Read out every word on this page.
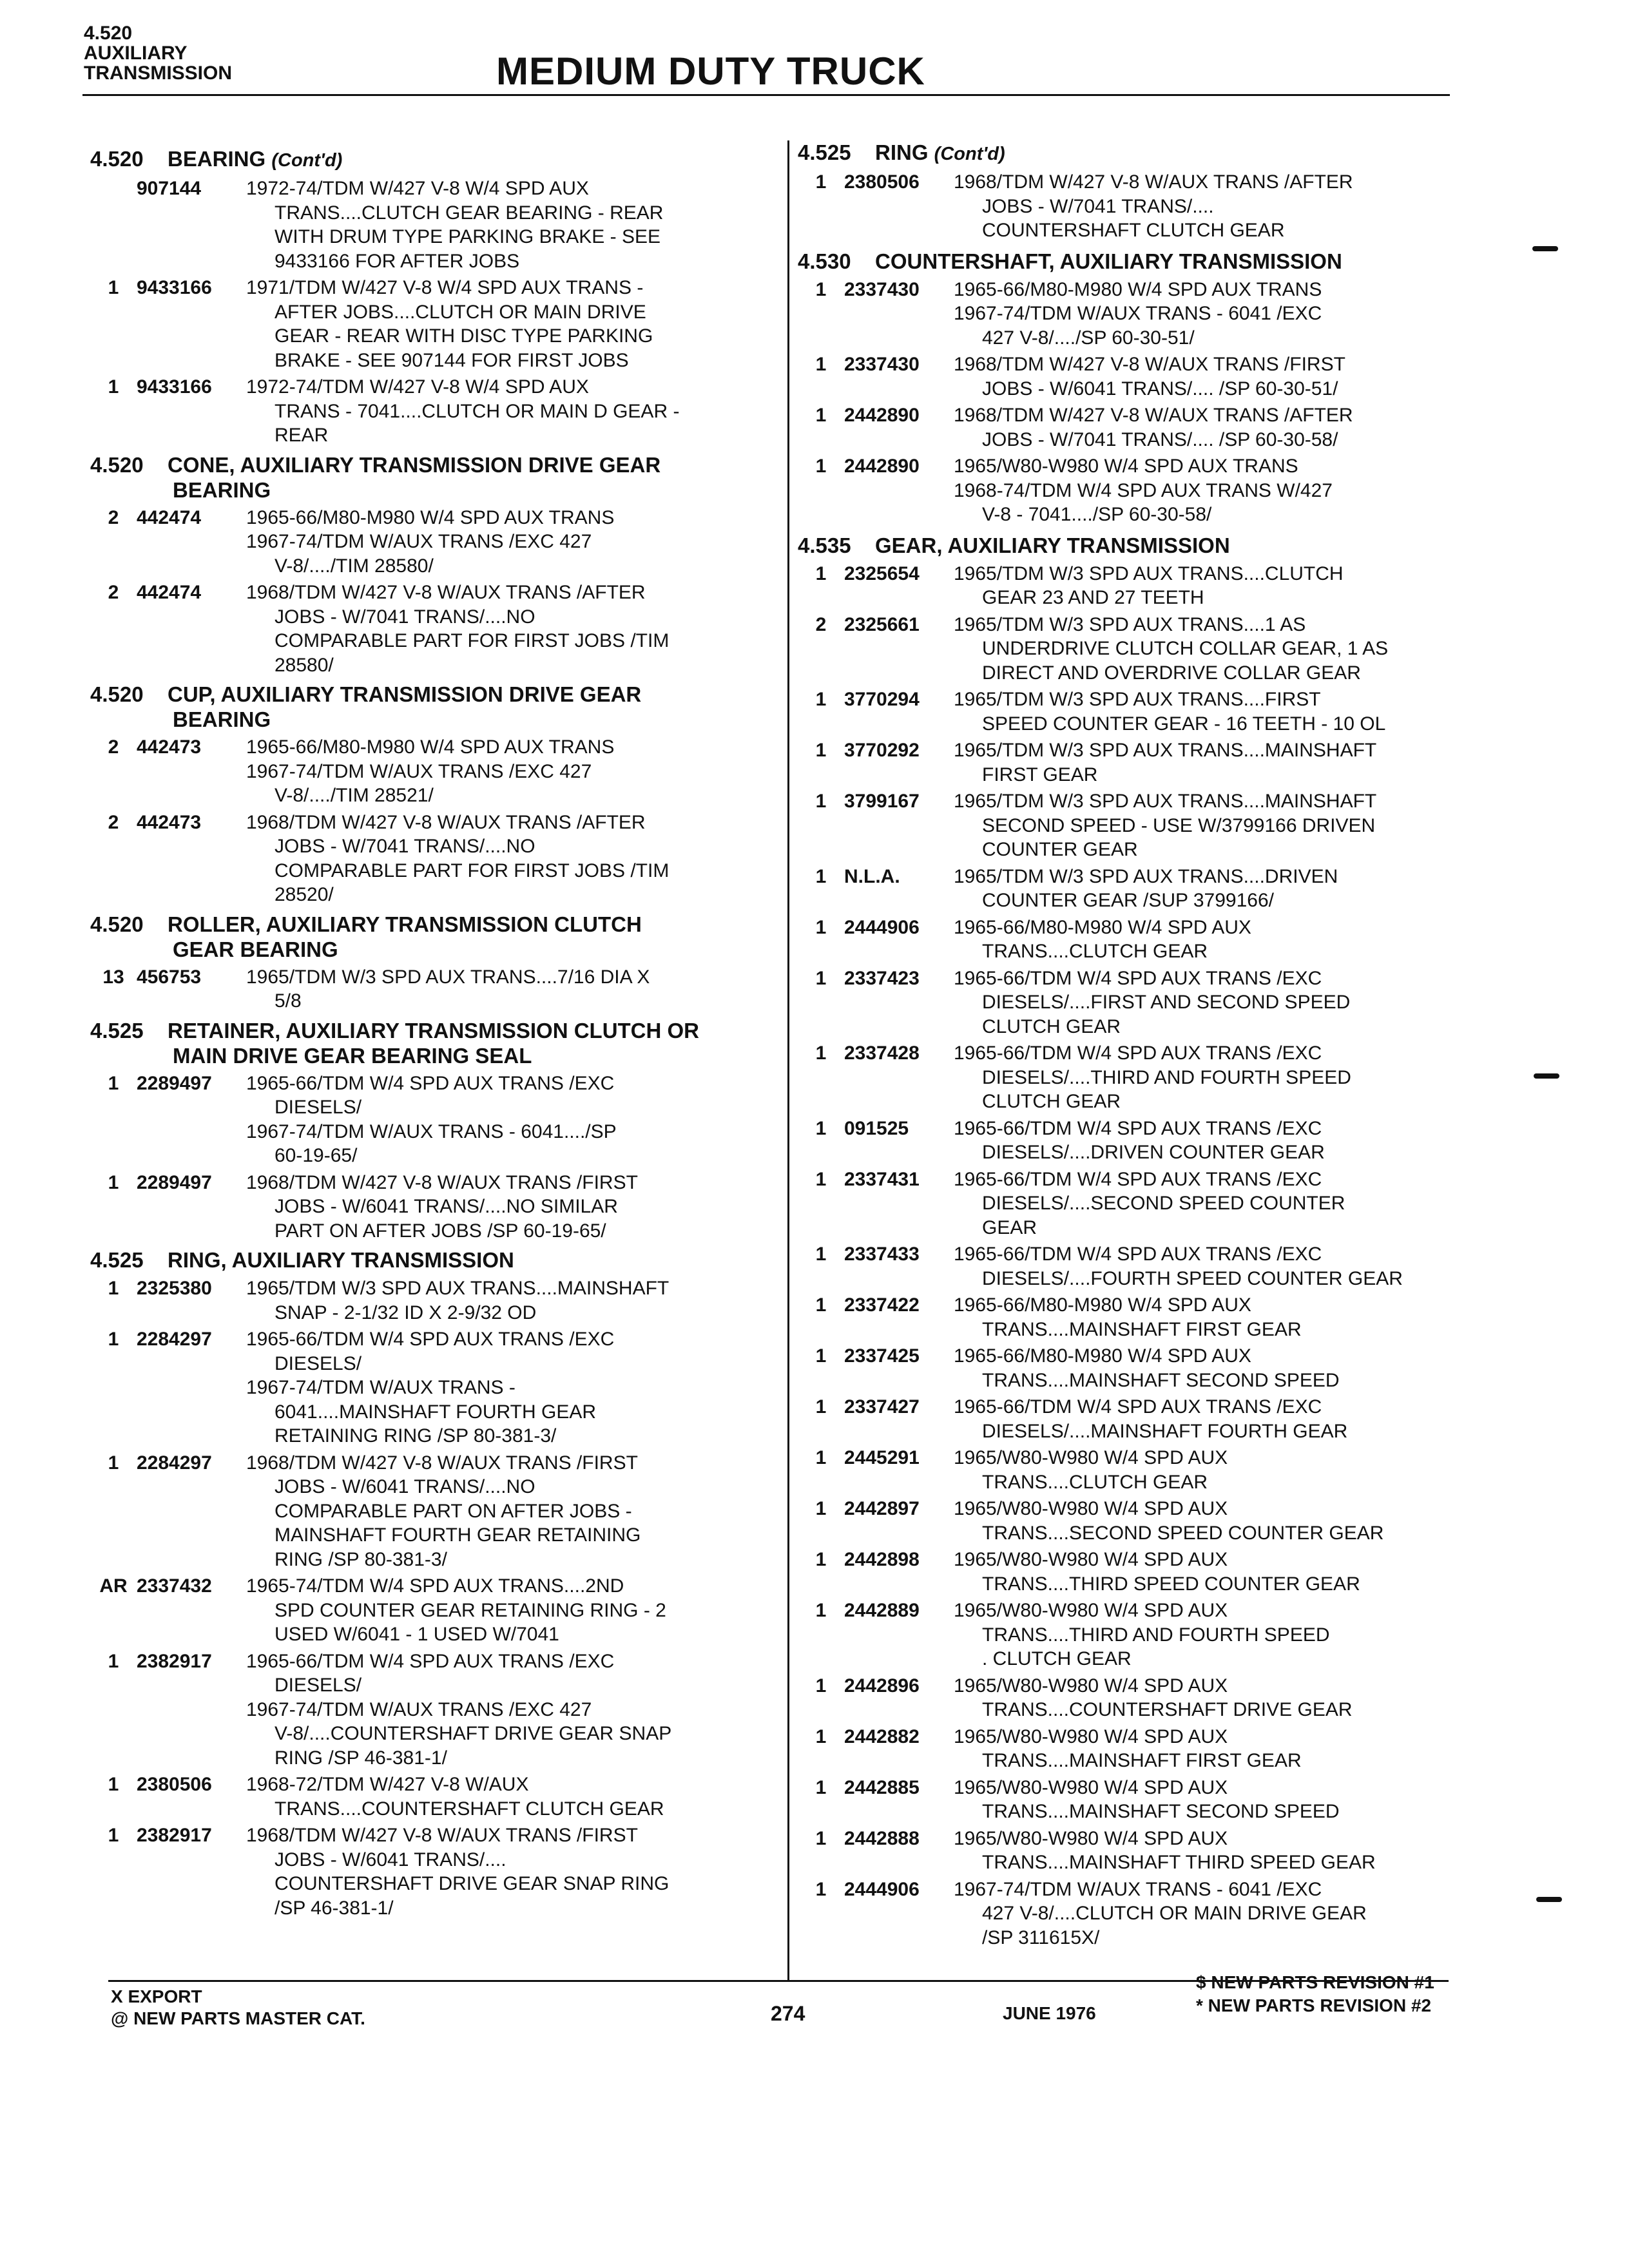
4.520
AUXILIARY
TRANSMISSION	MEDIUM DUTY TRUCK
4.520 BEARING (Cont'd)
907144	1972-74/TDM W/427 V-8 W/4 SPD AUX
TRANS....CLUTCH GEAR BEARING - REAR
WITH DRUM TYPE PARKING BRAKE - SEE
9433166 FOR AFTER JOBS
1 9433166	1971/TDM W/427 V-8 W/4 SPD AUX TRANS -
AFTER JOBS....CLUTCH OR MAIN DRIVE
GEAR - REAR WITH DISC TYPE PARKING
BRAKE - SEE 907144 FOR FIRST JOBS
1 9433166	1972-74/TDM W/427 V-8 W/4 SPD AUX
TRANS - 7041....CLUTCH OR MAIN D GEAR -
REAR
4.520 CONE, AUXILIARY TRANSMISSION DRIVE GEAR
BEARING
2 442474	1965-66/M80-M980 W/4 SPD AUX TRANS
1967-74/TDM W/AUX TRANS /EXC 427
V-8/..../TIM 28580/
2 442474	1968/TDM W/427 V-8 W/AUX TRANS /AFTER
JOBS - W/7041 TRANS/....NO
COMPARABLE PART FOR FIRST JOBS /TIM
28580/
4.520 CUP, AUXILIARY TRANSMISSION DRIVE GEAR
BEARING
2 442473	1965-66/M80-M980 W/4 SPD AUX TRANS
1967-74/TDM W/AUX TRANS /EXC 427
V-8/..../TIM 28521/
2 442473	1968/TDM W/427 V-8 W/AUX TRANS /AFTER
JOBS - W/7041 TRANS/....NO
COMPARABLE PART FOR FIRST JOBS /TIM
28520/
4.520 ROLLER, AUXILIARY TRANSMISSION CLUTCH
GEAR BEARING
13 456753	1965/TDM W/3 SPD AUX TRANS....7/16 DIA X
5/8
4.525 RETAINER, AUXILIARY TRANSMISSION CLUTCH OR
MAIN DRIVE GEAR BEARING SEAL
1 2289497	1965-66/TDM W/4 SPD AUX TRANS /EXC
DIESELS/
1967-74/TDM W/AUX TRANS - 6041..../SP
60-19-65/
1 2289497	1968/TDM W/427 V-8 W/AUX TRANS /FIRST
JOBS - W/6041 TRANS/....NO SIMILAR
PART ON AFTER JOBS /SP 60-19-65/
4.525 RING, AUXILIARY TRANSMISSION
1 2325380	1965/TDM W/3 SPD AUX TRANS....MAINSHAFT
SNAP - 2-1/32 ID X 2-9/32 OD
1 2284297	1965-66/TDM W/4 SPD AUX TRANS /EXC
DIESELS/
1967-74/TDM W/AUX TRANS -
6041....MAINSHAFT FOURTH GEAR
RETAINING RING /SP 80-381-3/
1 2284297	1968/TDM W/427 V-8 W/AUX TRANS /FIRST
JOBS - W/6041 TRANS/....NO
COMPARABLE PART ON AFTER JOBS -
MAINSHAFT FOURTH GEAR RETAINING
RING /SP 80-381-3/
AR 2337432	1965-74/TDM W/4 SPD AUX TRANS....2ND
SPD COUNTER GEAR RETAINING RING - 2
USED W/6041 - 1 USED W/7041
1 2382917	1965-66/TDM W/4 SPD AUX TRANS /EXC
DIESELS/
1967-74/TDM W/AUX TRANS /EXC 427
V-8/....COUNTERSHAFT DRIVE GEAR SNAP
RING /SP 46-381-1/
1 2380506	1968-72/TDM W/427 V-8 W/AUX
TRANS....COUNTERSHAFT CLUTCH GEAR
1 2382917	1968/TDM W/427 V-8 W/AUX TRANS /FIRST
JOBS - W/6041 TRANS/....
COUNTERSHAFT DRIVE GEAR SNAP RING
/SP 46-381-1/
4.525 RING (Cont'd)
1 2380506	1968/TDM W/427 V-8 W/AUX TRANS /AFTER
JOBS - W/7041 TRANS/....
COUNTERSHAFT CLUTCH GEAR
4.530 COUNTERSHAFT, AUXILIARY TRANSMISSION
1 2337430	1965-66/M80-M980 W/4 SPD AUX TRANS
1967-74/TDM W/AUX TRANS - 6041 /EXC
427 V-8/..../SP 60-30-51/
1 2337430	1968/TDM W/427 V-8 W/AUX TRANS /FIRST
JOBS - W/6041 TRANS/.... /SP 60-30-51/
1 2442890	1968/TDM W/427 V-8 W/AUX TRANS /AFTER
JOBS - W/7041 TRANS/.... /SP 60-30-58/
1 2442890	1965/W80-W980 W/4 SPD AUX TRANS
1968-74/TDM W/4 SPD AUX TRANS W/427
V-8 - 7041..../SP 60-30-58/
4.535 GEAR, AUXILIARY TRANSMISSION
1 2325654	1965/TDM W/3 SPD AUX TRANS....CLUTCH
GEAR 23 AND 27 TEETH
2 2325661	1965/TDM W/3 SPD AUX TRANS....1 AS
UNDERDRIVE CLUTCH COLLAR GEAR, 1 AS
DIRECT AND OVERDRIVE COLLAR GEAR
1 3770294	1965/TDM W/3 SPD AUX TRANS....FIRST
SPEED COUNTER GEAR - 16 TEETH - 10 OL
1 3770292	1965/TDM W/3 SPD AUX TRANS....MAINSHAFT
FIRST GEAR
1 3799167	1965/TDM W/3 SPD AUX TRANS....MAINSHAFT
SECOND SPEED - USE W/3799166 DRIVEN
COUNTER GEAR
1 N.L.A.	1965/TDM W/3 SPD AUX TRANS....DRIVEN
COUNTER GEAR /SUP 3799166/
1 2444906	1965-66/M80-M980 W/4 SPD AUX
TRANS....CLUTCH GEAR
1 2337423	1965-66/TDM W/4 SPD AUX TRANS /EXC
DIESELS/....FIRST AND SECOND SPEED
CLUTCH GEAR
1 2337428	1965-66/TDM W/4 SPD AUX TRANS /EXC
DIESELS/....THIRD AND FOURTH SPEED
CLUTCH GEAR
1 091525	1965-66/TDM W/4 SPD AUX TRANS /EXC
DIESELS/....DRIVEN COUNTER GEAR
1 2337431	1965-66/TDM W/4 SPD AUX TRANS /EXC
DIESELS/....SECOND SPEED COUNTER
GEAR
1 2337433	1965-66/TDM W/4 SPD AUX TRANS /EXC
DIESELS/....FOURTH SPEED COUNTER GEAR
1 2337422	1965-66/M80-M980 W/4 SPD AUX
TRANS....MAINSHAFT FIRST GEAR
1 2337425	1965-66/M80-M980 W/4 SPD AUX
TRANS....MAINSHAFT SECOND SPEED
1 2337427	1965-66/TDM W/4 SPD AUX TRANS /EXC
DIESELS/....MAINSHAFT FOURTH GEAR
1 2445291	1965/W80-W980 W/4 SPD AUX
TRANS....CLUTCH GEAR
1 2442897	1965/W80-W980 W/4 SPD AUX
TRANS....SECOND SPEED COUNTER GEAR
1 2442898	1965/W80-W980 W/4 SPD AUX
TRANS....THIRD SPEED COUNTER GEAR
1 2442889	1965/W80-W980 W/4 SPD AUX
TRANS....THIRD AND FOURTH SPEED
. CLUTCH GEAR
1 2442896	1965/W80-W980 W/4 SPD AUX
TRANS....COUNTERSHAFT DRIVE GEAR
1 2442882	1965/W80-W980 W/4 SPD AUX
TRANS....MAINSHAFT FIRST GEAR
1 2442885	1965/W80-W980 W/4 SPD AUX
TRANS....MAINSHAFT SECOND SPEED
1 2442888	1965/W80-W980 W/4 SPD AUX
TRANS....MAINSHAFT THIRD SPEED GEAR
1 2444906	1967-74/TDM W/AUX TRANS - 6041 /EXC
427 V-8/....CLUTCH OR MAIN DRIVE GEAR
/SP 311615X/
X EXPORT
@ NEW PARTS MASTER CAT.	274	JUNE 1976
$ NEW PARTS REVISION #1
* NEW PARTS REVISION #2
